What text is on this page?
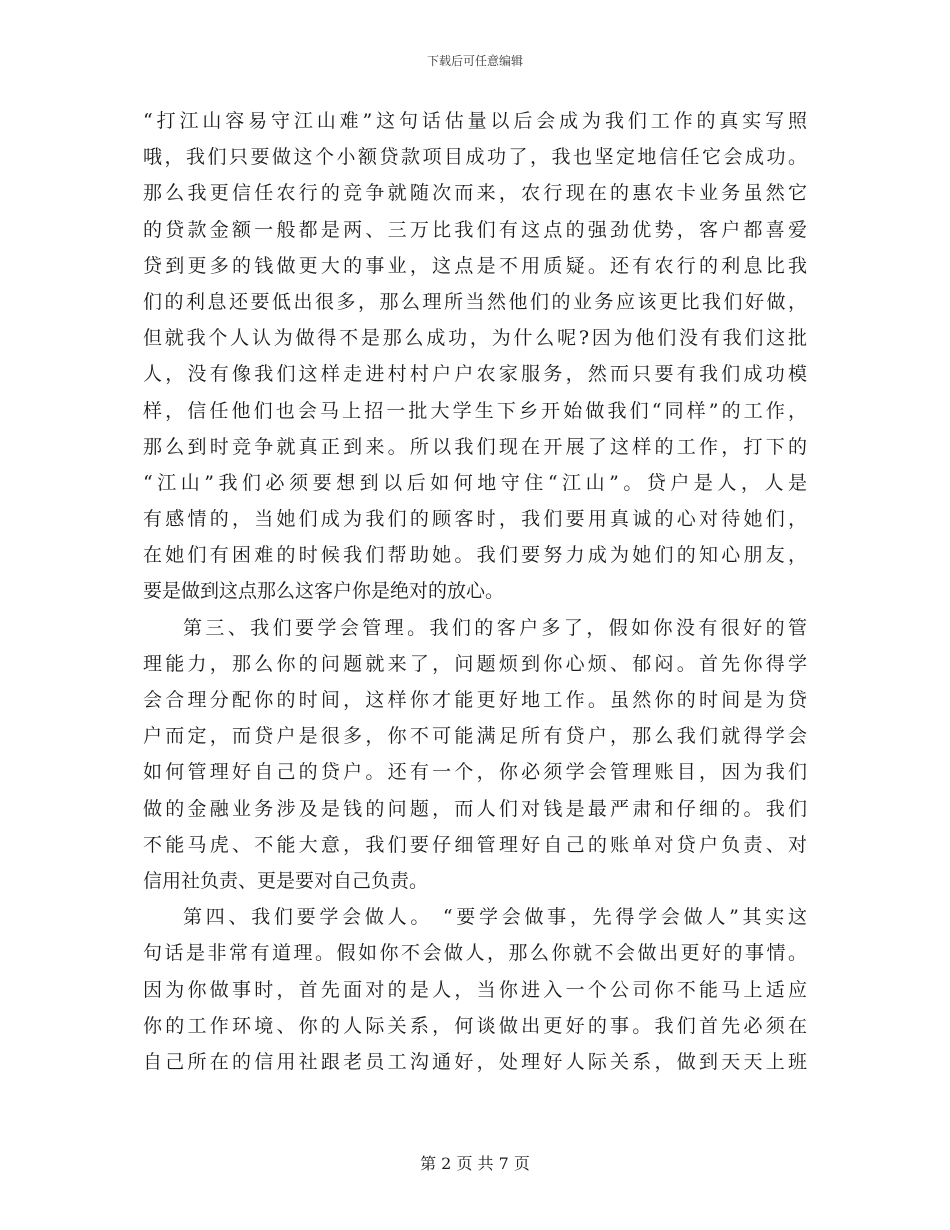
下载后可任意编辑
“打江山容易守江山难”这句话估量以后会成为我们工作的真实写照
哦，我们只要做这个小额贷款项目成功了，我也坚定地信任它会成功。
那么我更信任农行的竞争就随次而来，农行现在的惠农卡业务虽然它
的贷款金额一般都是两、三万比我们有这点的强劲优势，客户都喜爱
贷到更多的钱做更大的事业，这点是不用质疑。还有农行的利息比我
们的利息还要低出很多，那么理所当然他们的业务应该更比我们好做，
但就我个人认为做得不是那么成功，为什么呢?因为他们没有我们这批
人，没有像我们这样走进村村户户农家服务，然而只要有我们成功模
样，信任他们也会马上招一批大学生下乡开始做我们“同样”的工作，
那么到时竞争就真正到来。所以我们现在开展了这样的工作，打下的
“江山”我们必须要想到以后如何地守住“江山”。贷户是人，人是
有感情的，当她们成为我们的顾客时，我们要用真诚的心对待她们，
在她们有困难的时候我们帮助她。我们要努力成为她们的知心朋友，
要是做到这点那么这客户你是绝对的放心。
第三、我们要学会管理。我们的客户多了，假如你没有很好的管
理能力，那么你的问题就来了，问题烦到你心烦、郁闷。首先你得学
会合理分配你的时间，这样你才能更好地工作。虽然你的时间是为贷
户而定，而贷户是很多，你不可能满足所有贷户，那么我们就得学会
如何管理好自己的贷户。还有一个，你必须学会管理账目，因为我们
做的金融业务涉及是钱的问题，而人们对钱是最严肃和仔细的。我们
不能马虎、不能大意，我们要仔细管理好自己的账单对贷户负责、对
信用社负责、更是要对自己负责。
第四、我们要学会做人。 “要学会做事，先得学会做人”其实这
句话是非常有道理。假如你不会做人，那么你就不会做出更好的事情。
因为你做事时，首先面对的是人，当你进入一个公司你不能马上适应
你的工作环境、你的人际关系，何谈做出更好的事。我们首先必须在
自己所在的信用社跟老员工沟通好，处理好人际关系，做到天天上班
第 2 页 共 7 页
